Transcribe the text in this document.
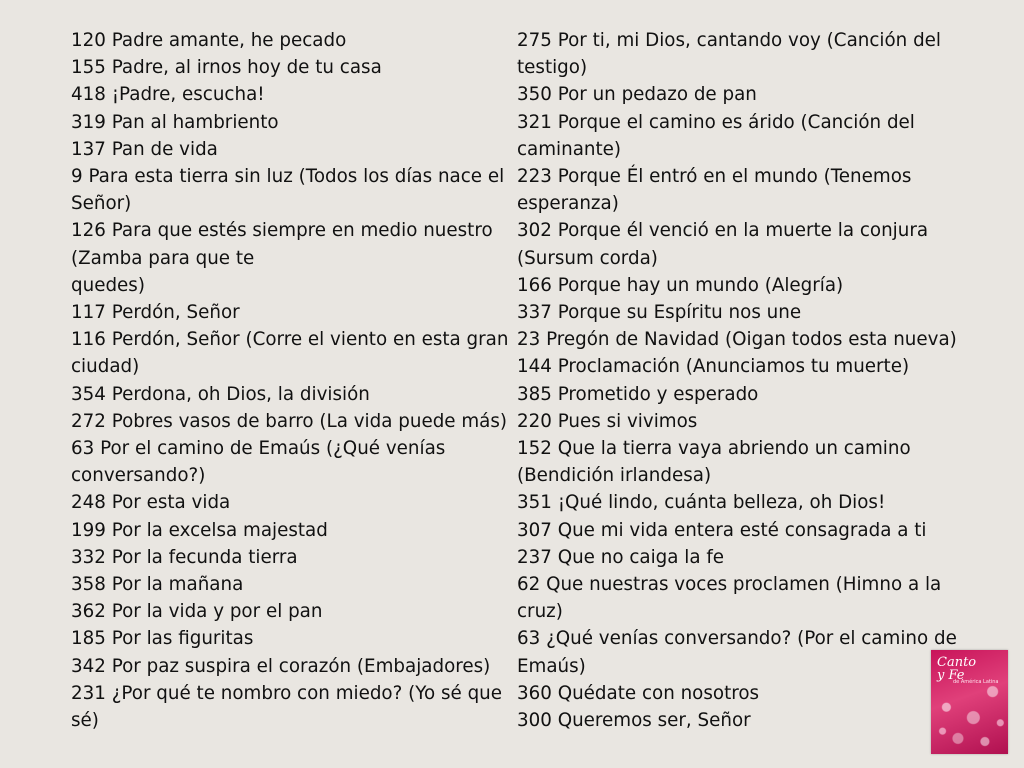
120 Padre amante, he pecado
155 Padre, al irnos hoy de tu casa
418 ¡Padre, escucha!
319 Pan al hambriento
137 Pan de vida
9 Para esta tierra sin luz (Todos los días nace el Señor)
126 Para que estés siempre en medio nuestro (Zamba para que te
quedes)
117 Perdón, Señor
116 Perdón, Señor (Corre el viento en esta gran ciudad)
354 Perdona, oh Dios, la división
272 Pobres vasos de barro (La vida puede más)
63 Por el camino de Emaús (¿Qué venías conversando?)
248 Por esta vida
199 Por la excelsa majestad
332 Por la fecunda tierra
358 Por la mañana
362 Por la vida y por el pan
185 Por las figuritas
342 Por paz suspira el corazón (Embajadores)
231 ¿Por qué te nombro con miedo? (Yo sé que sé)
275 Por ti, mi Dios, cantando voy (Canción del testigo)
350 Por un pedazo de pan
321 Porque el camino es árido (Canción del caminante)
223 Porque Él entró en el mundo (Tenemos esperanza)
302 Porque él venció en la muerte la conjura (Sursum corda)
166 Porque hay un mundo (Alegría)
337 Porque su Espíritu nos une
23 Pregón de Navidad (Oigan todos esta nueva)
144 Proclamación (Anunciamos tu muerte)
385 Prometido y esperado
220 Pues si vivimos
152 Que la tierra vaya abriendo un camino (Bendición irlandesa)
351 ¡Qué lindo, cuánta belleza, oh Dios!
307 Que mi vida entera esté consagrada a ti
237 Que no caiga la fe
62 Que nuestras voces proclamen (Himno a la cruz)
63 ¿Qué venías conversando? (Por el camino de Emaús)
360 Quédate con nosotros
300 Queremos ser, Señor
Canto
y Fe
de América Latina
